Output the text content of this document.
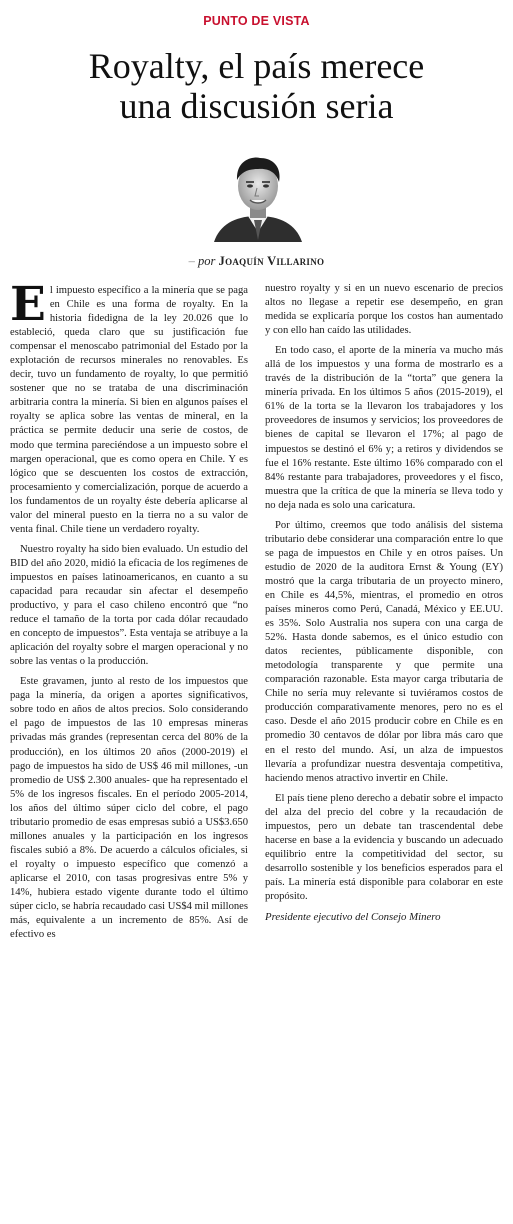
PUNTO DE VISTA
Royalty, el país merece
una discusión seria
– por Joaquín Villarino

El impuesto específico a la minería que se paga en Chile es una forma de royalty. En la historia fidedigna de la ley 20.026 que lo estableció, queda claro que su justificación fue compensar el menoscabo patrimonial del Estado por la explotación de recursos minerales no renovables. Es decir, tuvo un fundamento de royalty, lo que permitió sostener que no se trataba de una discriminación arbitraria contra la minería. Si bien en algunos países el royalty se aplica sobre las ventas de mineral, en la práctica se permite deducir una serie de costos, de modo que termina pareciéndose a un impuesto sobre el margen operacional, que es como opera en Chile. Y es lógico que se descuenten los costos de extracción, procesamiento y comercialización, porque de acuerdo a los fundamentos de un royalty éste debería aplicarse al valor del mineral puesto en la tierra no a su valor de venta final. Chile tiene un verdadero royalty.

Nuestro royalty ha sido bien evaluado. Un estudio del BID del año 2020, midió la eficacia de los regímenes de impuestos en países latinoamericanos, en cuanto a su capacidad para recaudar sin afectar el desempeño productivo, y para el caso chileno encontró que “no reduce el tamaño de la torta por cada dólar recaudado en concepto de impuestos”. Esta ventaja se atribuye a la aplicación del royalty sobre el margen operacional y no sobre las ventas o la producción.

Este gravamen, junto al resto de los impuestos que paga la minería, da origen a aportes significativos, sobre todo en años de altos precios. Solo considerando el pago de impuestos de las 10 empresas mineras privadas más grandes (representan cerca del 80% de la producción), en los últimos 20 años (2000-2019) el pago de impuestos ha sido de US$ 46 mil millones, -un promedio de US$ 2.300 anuales- que ha representado el 5% de los ingresos fiscales. En el período 2005-2014, los años del último súper ciclo del cobre, el pago tributario promedio de esas empresas subió a US$3.650 millones anuales y la participación en los ingresos fiscales subió a 8%. De acuerdo a cálculos oficiales, si el royalty o impuesto específico que comenzó a aplicarse el 2010, con tasas progresivas entre 5% y 14%, hubiera estado vigente durante todo el último súper ciclo, se habría recaudado casi US$4 mil millones más, equivalente a un incremento de 85%. Así de efectivo es

nuestro royalty y si en un nuevo escenario de precios altos no llegase a repetir ese desempeño, en gran medida se explicaría porque los costos han aumentado y con ello han caído las utilidades.

En todo caso, el aporte de la minería va mucho más allá de los impuestos y una forma de mostrarlo es a través de la distribución de la “torta” que genera la minería privada. En los últimos 5 años (2015-2019), el 61% de la torta se la llevaron los trabajadores y los proveedores de insumos y servicios; los proveedores de bienes de capital se llevaron el 17%; al pago de impuestos se destinó el 6% y; a retiros y dividendos se fue el 16% restante. Este último 16% comparado con el 84% restante para trabajadores, proveedores y el fisco, muestra que la crítica de que la minería se lleva todo y no deja nada es solo una caricatura.

Por último, creemos que todo análisis del sistema tributario debe considerar una comparación entre lo que se paga de impuestos en Chile y en otros países. Un estudio de 2020 de la auditora Ernst & Young (EY) mostró que la carga tributaria de un proyecto minero, en Chile es 44,5%, mientras, el promedio en otros países mineros como Perú, Canadá, México y EE.UU. es 35%. Solo Australia nos supera con una carga de 52%. Hasta donde sabemos, es el único estudio con datos recientes, públicamente disponible, con metodología transparente y que permite una comparación razonable. Esta mayor carga tributaria de Chile no sería muy relevante si tuviéramos costos de producción comparativamente menores, pero no es el caso. Desde el año 2015 producir cobre en Chile es en promedio 30 centavos de dólar por libra más caro que en el resto del mundo. Así, un alza de impuestos llevaría a profundizar nuestra desventaja competitiva, haciendo menos atractivo invertir en Chile.

El país tiene pleno derecho a debatir sobre el impacto del alza del precio del cobre y la recaudación de impuestos, pero un debate tan trascendental debe hacerse en base a la evidencia y buscando un adecuado equilibrio entre la competitividad del sector, su desarrollo sostenible y los beneficios esperados para el país. La minería está disponible para colaborar en este propósito.

Presidente ejecutivo del Consejo Minero
